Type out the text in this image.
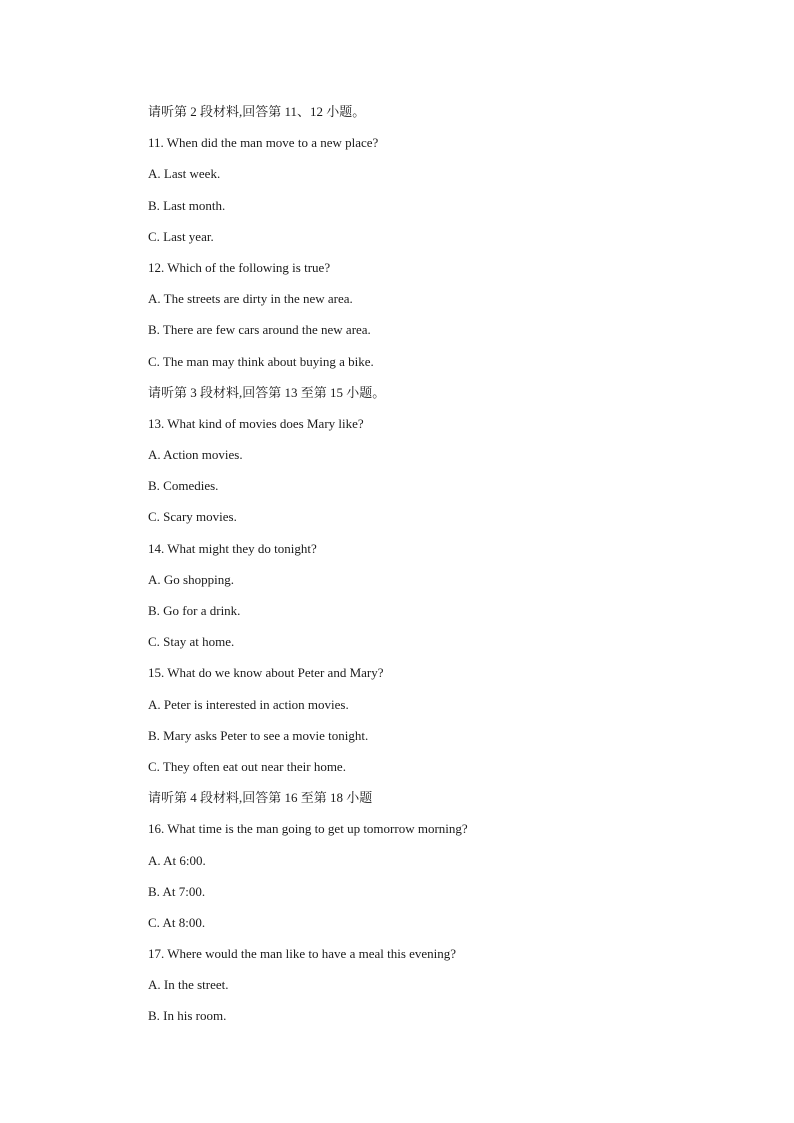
请听第 2 段材料,回答第 11、12 小题。
11. When did the man move to a new place?
A. Last week.
B. Last month.
C. Last year.
12. Which of the following is true?
A. The streets are dirty in the new area.
B. There are few cars around the new area.
C. The man may think about buying a bike.
请听第 3 段材料,回答第 13 至第 15 小题。
13. What kind of movies does Mary like?
A. Action movies.
B. Comedies.
C. Scary movies.
14. What might they do tonight?
A. Go shopping.
B. Go for a drink.
C. Stay at home.
15. What do we know about Peter and Mary?
A. Peter is interested in action movies.
B. Mary asks Peter to see a movie tonight.
C. They often eat out near their home.
请听第 4 段材料,回答第 16 至第 18 小题
16. What time is the man going to get up tomorrow morning?
A. At 6:00.
B. At 7:00.
C. At 8:00.
17. Where would the man like to have a meal this evening?
A. In the street.
B. In his room.
